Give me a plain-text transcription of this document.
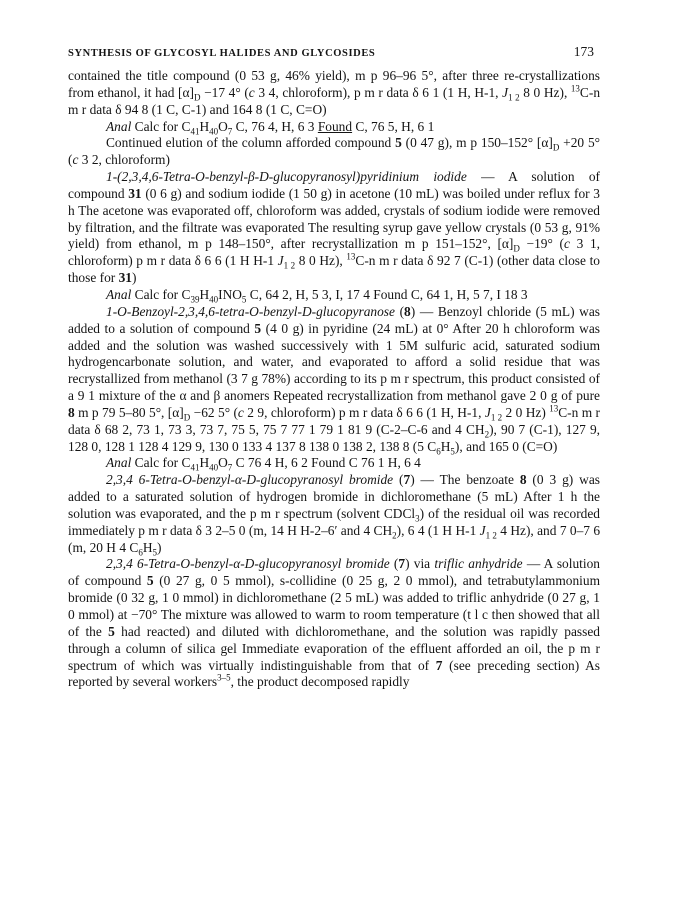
SYNTHESIS OF GLYCOSYL HALIDES AND GLYCOSIDES	173

contained the title compound (0 53 g, 46% yield), m p 96–96 5°, after three re-crystallizations from ethanol, it had $[\alpha]_D -17$ 4° (c 3 4, chloroform), p m r data δ 6 1 (1 H, H-1, $J_{1 2}$ 8 0 Hz), $^{13}$C-n m r data δ 94 8 (1 C, C-1) and 164 8 (1 C, C=O)

Anal Calc for $C_{41}H_{40}O_7$ C, 76 4, H, 6 3 Found C, 76 5, H, 6 1

Continued elution of the column afforded compound 5 (0 47 g), m p 150–152° $[\alpha]_D +20$ 5° (c 3 2, chloroform)

1-(2,3,4,6-Tetra-O-benzyl-β-D-glucopyranosyl)pyridinium iodide — A solution of compound 31 (0 6 g) and sodium iodide (1 50 g) in acetone (10 mL) was boiled under reflux for 3 h The acetone was evaporated off, chloroform was added, crystals of sodium iodide were removed by filtration, and the filtrate was evaporated The resulting syrup gave yellow crystals (0 53 g, 91% yield) from ethanol, m p 148–150°, after recrystallization m p 151–152°, $[\alpha]_D -19^\circ$ (c 3 1, chloroform) p m r data δ 6 6 (1 H H-1 $J_{1 2}$ 8 0 Hz), $^{13}$C-n m r data δ 92 7 (C-1) (other data close to those for 31)

Anal Calc for $C_{39}H_{40}INO_5$ C, 64 2, H, 5 3, I, 17 4 Found C, 64 1, H, 5 7, I 18 3

1-O-Benzoyl-2,3,4,6-tetra-O-benzyl-D-glucopyranose (8) — Benzoyl chloride (5 mL) was added to a solution of compound 5 (4 0 g) in pyridine (24 mL) at 0° After 20 h chloroform was added and the solution was washed successively with 1 5M sulfuric acid, saturated sodium hydrogencarbonate solution, and water, and evaporated to afford a solid residue that was recrystallized from methanol (3 7 g 78%) according to its p m r spectrum, this product consisted of a 9 1 mixture of the α and β anomers Repeated recrystallization from methanol gave 2 0 g of pure 8 m p 79 5–80 5°, $[\alpha]_D -62$ 5° (c 2 9, chloroform) p m r data δ 6 6 (1 H, H-1, $J_{1 2}$ 2 0 Hz) $^{13}$C-n m r data δ 68 2, 73 1, 73 3, 73 7, 75 5, 75 7 77 1 79 1 81 9 (C-2–C-6 and 4 $CH_2$), 90 7 (C-1), 127 9, 128 0, 128 1 128 4 129 9, 130 0 133 4 137 8 138 0 138 2, 138 8 (5 $C_6H_5$), and 165 0 (C=O)

Anal Calc for $C_{41}H_{40}O_7$ C 76 4 H, 6 2 Found C 76 1 H, 6 4

2,3,4 6-Tetra-O-benzyl-α-D-glucopyranosyl bromide (7) — The benzoate 8 (0 3 g) was added to a saturated solution of hydrogen bromide in dichloromethane (5 mL) After 1 h the solution was evaporated, and the p m r spectrum (solvent CDCl$_3$) of the residual oil was recorded immediately p m r data δ 3 2–5 0 (m, 14 H H-2–6′ and 4 $CH_2$), 6 4 (1 H H-1 $J_{1 2}$ 4 Hz), and 7 0–7 6 (m, 20 H 4 $C_6H_5$)

2,3,4 6-Tetra-O-benzyl-α-D-glucopyranosyl bromide (7) via triflic anhydride — A solution of compound 5 (0 27 g, 0 5 mmol), s-collidine (0 25 g, 2 0 mmol), and tetrabutylammonium bromide (0 32 g, 1 0 mmol) in dichloromethane (2 5 mL) was added to triflic anhydride (0 27 g, 1 0 mmol) at −70° The mixture was allowed to warm to room temperature (t l c then showed that all of the 5 had reacted) and diluted with dichloromethane, and the solution was rapidly passed through a column of silica gel Immediate evaporation of the effluent afforded an oil, the p m r spectrum of which was virtually indistinguishable from that of 7 (see preceding section) As reported by several workers$^{3-5}$, the product decomposed rapidly
